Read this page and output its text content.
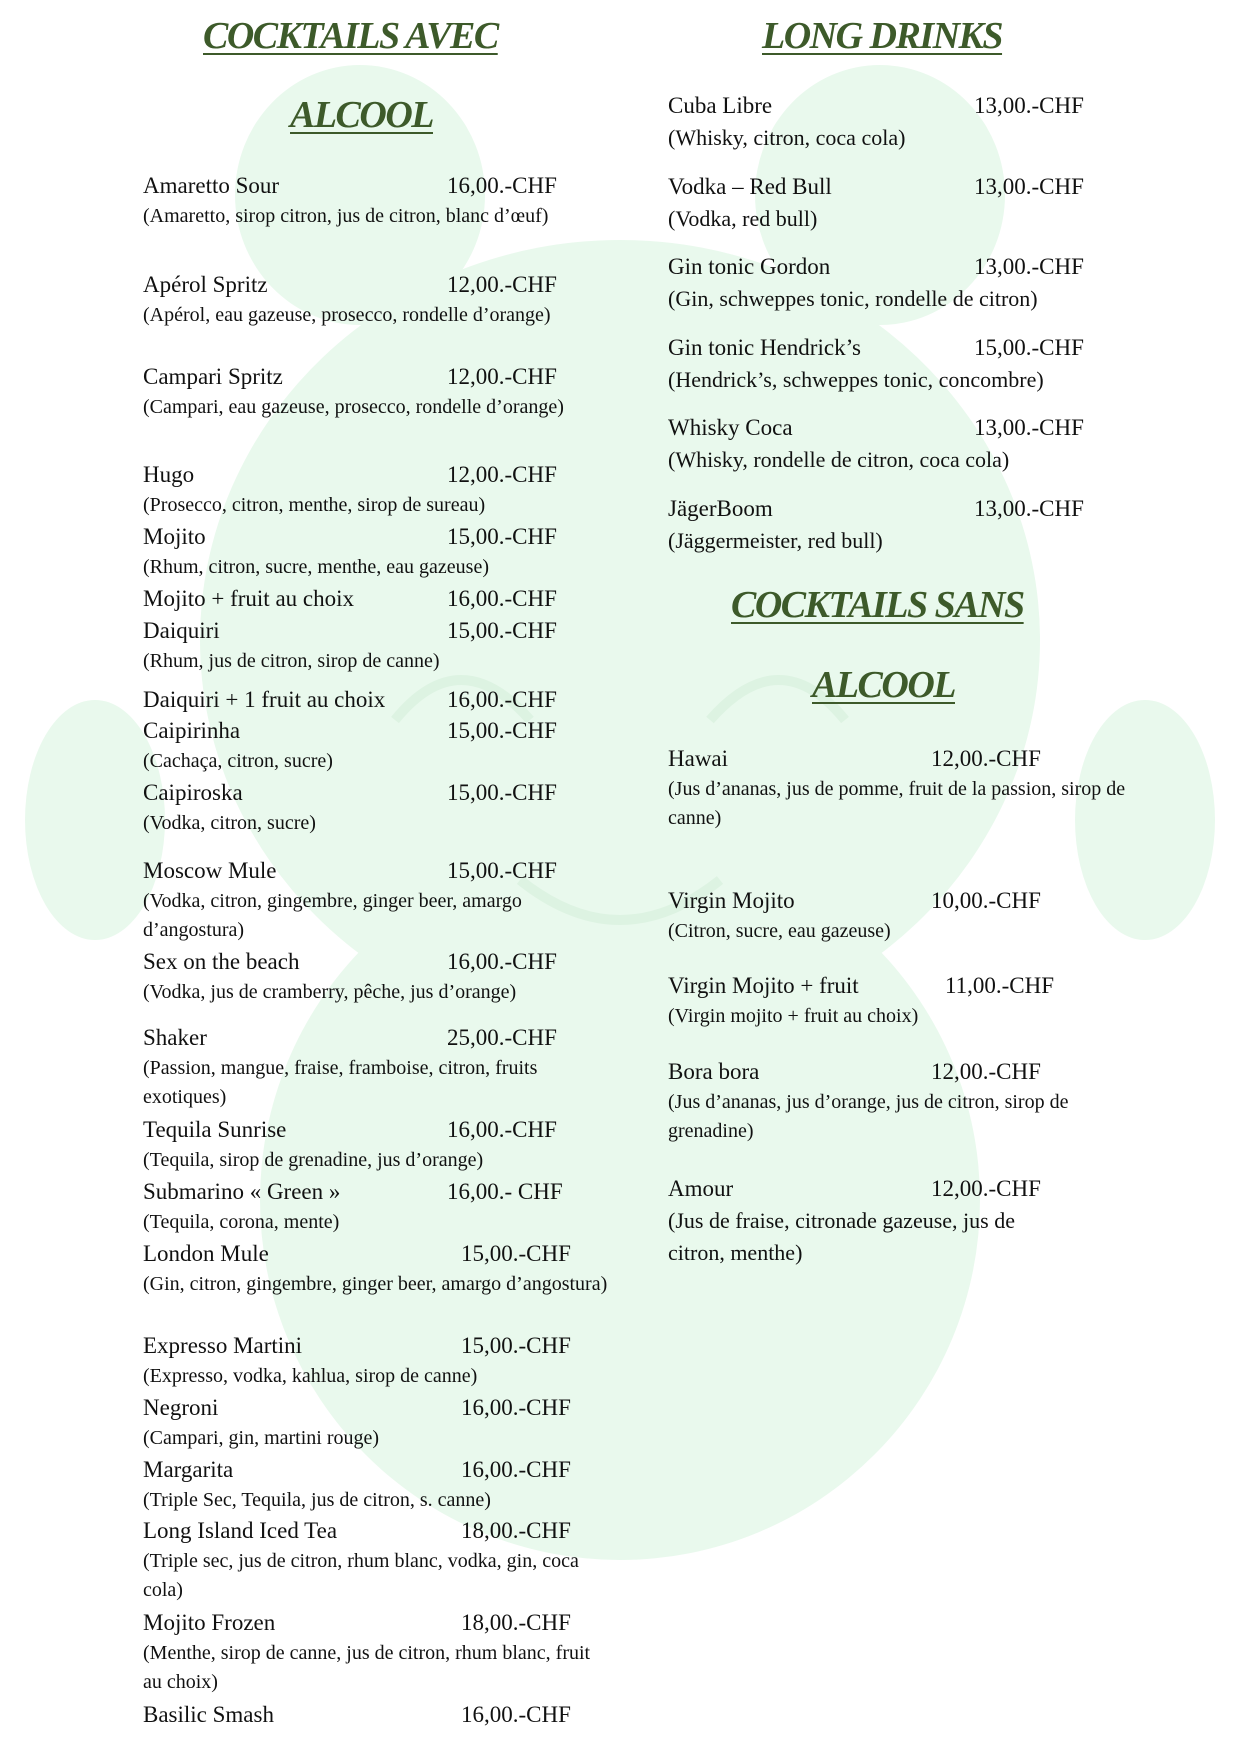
COCKTAILS AVEC
ALCOOL
Amaretto Sour	16,00.-CHF
(Amaretto, sirop citron, jus de citron, blanc d’œuf)
Apérol Spritz	12,00.-CHF
(Apérol, eau gazeuse, prosecco, rondelle d’orange)
Campari Spritz	12,00.-CHF
(Campari, eau gazeuse, prosecco, rondelle d’orange)
Hugo	12,00.-CHF
(Prosecco, citron, menthe, sirop de sureau)
Mojito	15,00.-CHF
(Rhum, citron, sucre, menthe, eau gazeuse)
Mojito + fruit au choix	16,00.-CHF
Daiquiri	15,00.-CHF
(Rhum, jus de citron, sirop de canne)
Daiquiri + 1 fruit au choix	16,00.-CHF
Caipirinha	15,00.-CHF
(Cachaça, citron, sucre)
Caipiroska	15,00.-CHF
(Vodka, citron, sucre)
Moscow Mule	15,00.-CHF
(Vodka, citron, gingembre, ginger beer, amargo d’angostura)
Sex on the beach	16,00.-CHF
(Vodka, jus de cramberry, pêche, jus d’orange)
Shaker	25,00.-CHF
(Passion, mangue, fraise, framboise, citron, fruits exotiques)
Tequila Sunrise	16,00.-CHF
(Tequila, sirop de grenadine, jus d’orange)
Submarino « Green »	16,00.- CHF
(Tequila, corona, mente)
London Mule	15,00.-CHF
(Gin, citron, gingembre, ginger beer, amargo d’angostura)
Expresso Martini	15,00.-CHF
(Expresso, vodka, kahlua, sirop de canne)
Negroni	16,00.-CHF
(Campari, gin, martini rouge)
Margarita	16,00.-CHF
(Triple Sec, Tequila, jus de citron, s. canne)
Long Island Iced Tea	18,00.-CHF
(Triple sec, jus de citron, rhum blanc, vodka, gin, coca cola)
Mojito Frozen	18,00.-CHF
(Menthe, sirop de canne, jus de citron, rhum blanc, fruit au choix)
Basilic Smash	16,00.-CHF
LONG DRINKS
Cuba Libre	13,00.-CHF
(Whisky, citron, coca cola)
Vodka – Red Bull	13,00.-CHF
(Vodka, red bull)
Gin tonic Gordon	13,00.-CHF
(Gin, schweppes tonic, rondelle de citron)
Gin tonic Hendrick’s	15,00.-CHF
(Hendrick’s, schweppes tonic, concombre)
Whisky Coca	13,00.-CHF
(Whisky, rondelle de citron, coca cola)
JägerBoom	13,00.-CHF
(Jäggermeister, red bull)
COCKTAILS SANS
ALCOOL
Hawai	12,00.-CHF
(Jus d’ananas, jus de pomme, fruit de la passion, sirop de canne)
Virgin Mojito	10,00.-CHF
(Citron, sucre, eau gazeuse)
Virgin Mojito + fruit	11,00.-CHF
(Virgin mojito + fruit au choix)
Bora bora	12,00.-CHF
(Jus d’ananas, jus d’orange, jus de citron, sirop de grenadine)
Amour	12,00.-CHF
(Jus de fraise, citronade gazeuse, jus de citron, menthe)
